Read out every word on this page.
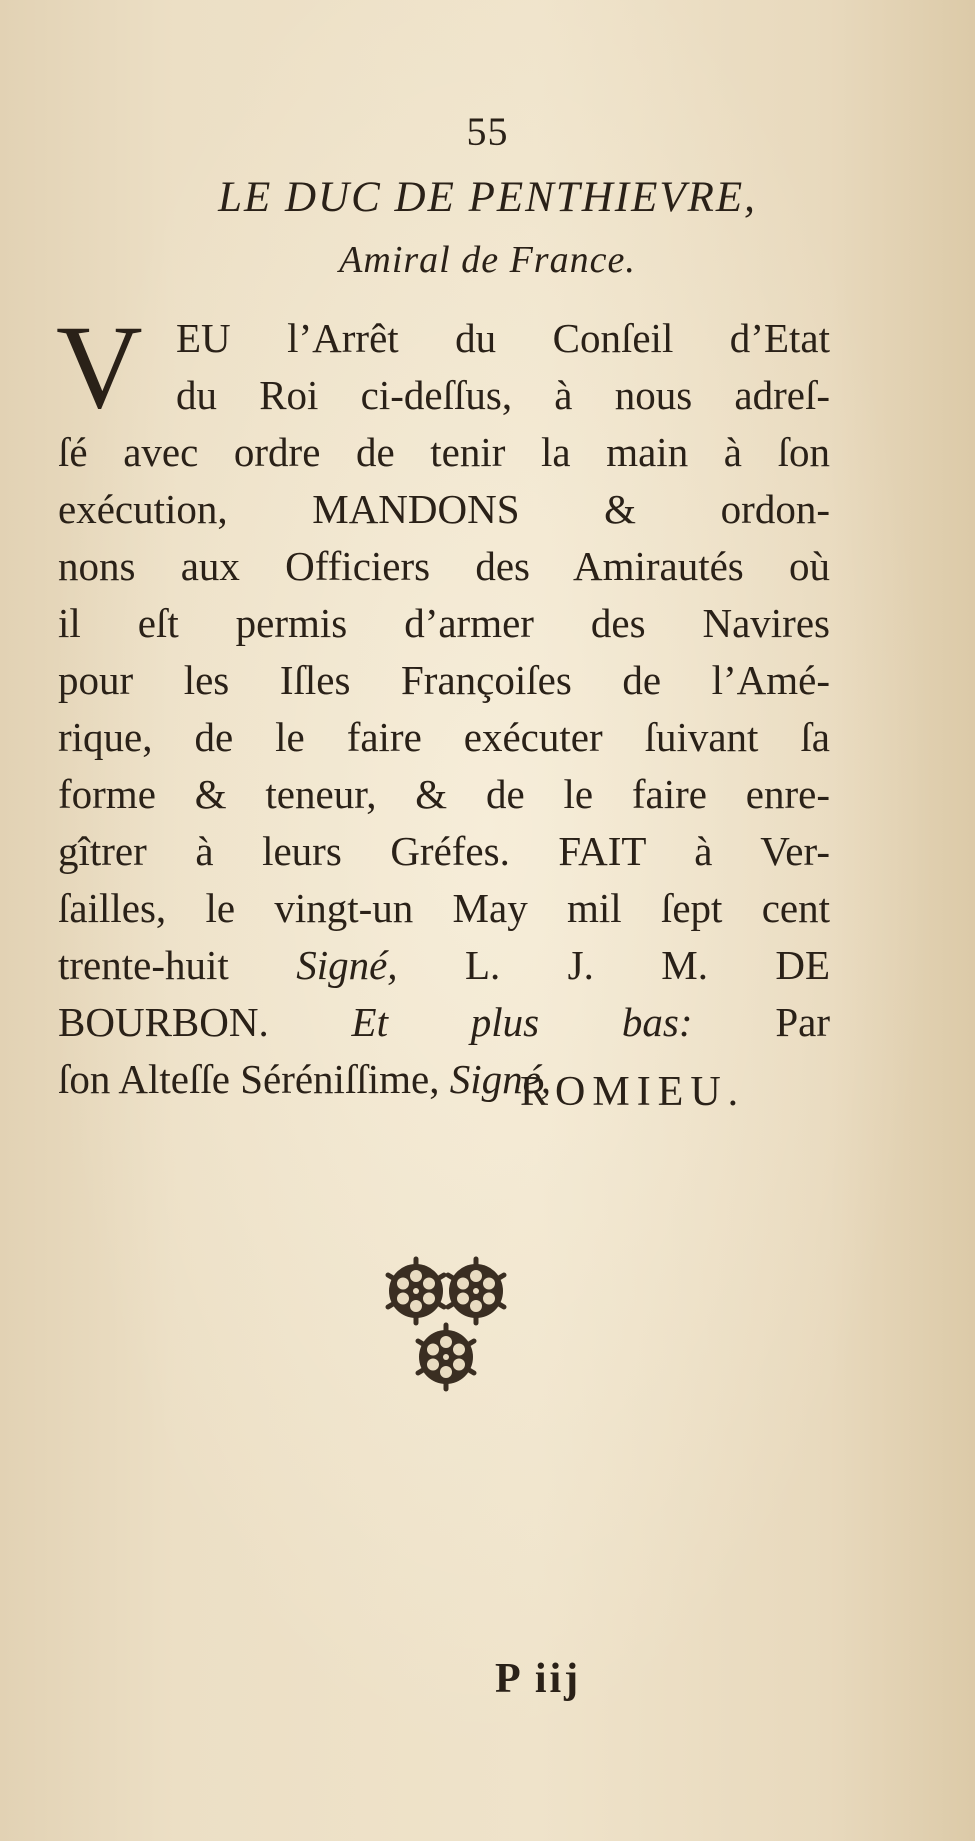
55
LE DUC DE PENTHIEVRE,
Amiral de France.
V EU l’Arrêt du Conſeil d’Etat
du Roi ci-deſſus, à nous adreſ-
ſé avec ordre de tenir la main à ſon
exécution, MANDONS & ordon-
nons aux Officiers des Amirautés où
il eſt permis d’armer des Navires
pour les Iſles Françoiſes de l’Amé-
rique, de le faire exécuter ſuivant ſa
forme & teneur, & de le faire enre-
gîtrer à leurs Gréfes. FAIT à Ver-
ſailles, le vingt-un May mil ſept cent
trente-huit Signé, L. J. M. DE
BOURBON. Et plus bas: Par
ſon Alteſſe Séréniſſime, Signé,
ROMIEU.
P iij
